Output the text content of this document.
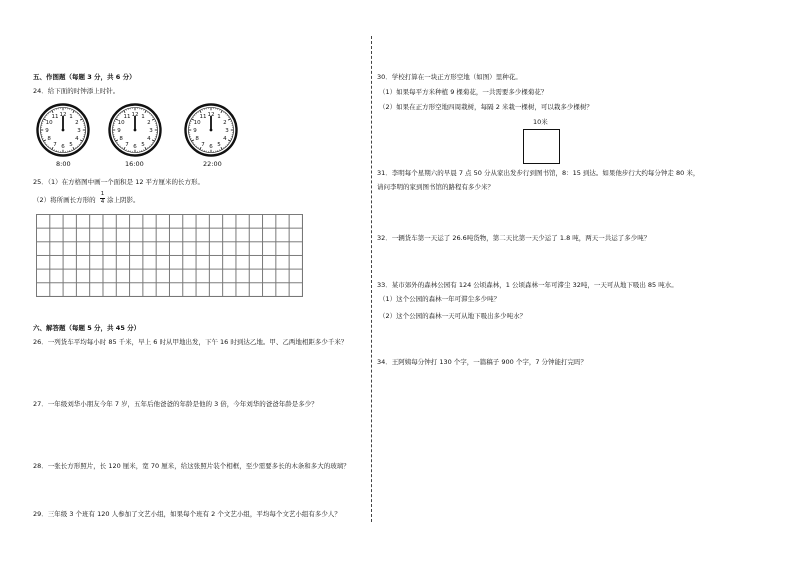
五、作图题（每题 3 分，共 6 分）
24．给下面的时钟添上时针。
1
2
3
4
5
6
7
8
9
10
11 12	1
2
3
4
5
6
7
8
9
10
11 12	1
2
3
4
5
6
7
8
9
10
11 12
8:00	16:00	22:00
25．（1）在方格图中画一个面积是 12 平方厘米的长方形。
（2）将所画长方形的
1
4 涂上阴影。
六、解答题（每题 5 分，共 45 分）
26．一列货车平均每小时 85 千米，早上 6 时从甲地出发，下午 16 时到达乙地。甲、乙两地相距多少千米？
27．一年级刘华小朋友今年 7 岁，五年后他爸爸的年龄是他的 3 倍，今年刘华的爸爸年龄是多少？
28．一张长方形照片，长 120 厘米，宽 70 厘米，给这张照片装个相框，至少需要多长的木条和多大的玻璃？
29．三年级 3 个班有 120 人参加了文艺小组，如果每个班有 2 个文艺小组，平均每个文艺小组有多少人？
30．学校打算在一块正方形空地（如图）里种花。
（1）如果每平方米种植 9 棵菊花，一共需要多少棵菊花？
（2）如果在正方形空地四周栽树，每隔 2 米栽一棵树，可以栽多少棵树？
10米
31．李明每个星期六的早晨 7 点 50 分从家出发步行到图书馆，8：15 到达。如果他步行大约每分钟走 80 米，
请问李明的家到图书馆的路程有多少米？
32．一辆货车第一天运了 26.6吨货物，第二天比第一天少运了 1.8 吨，两天一共运了多少吨？
33．某市郊外的森林公园有 124 公顷森林，1 公顷森林一年可滞尘 32吨，一天可从地下吸出 85 吨水。
（1）这个公园的森林一年可滞尘多少吨？
（2）这个公园的森林一天可从地下吸出多少吨水？
34．王阿姨每分钟打 130 个字，一篇稿子 900 个字，7 分钟能打完吗？
